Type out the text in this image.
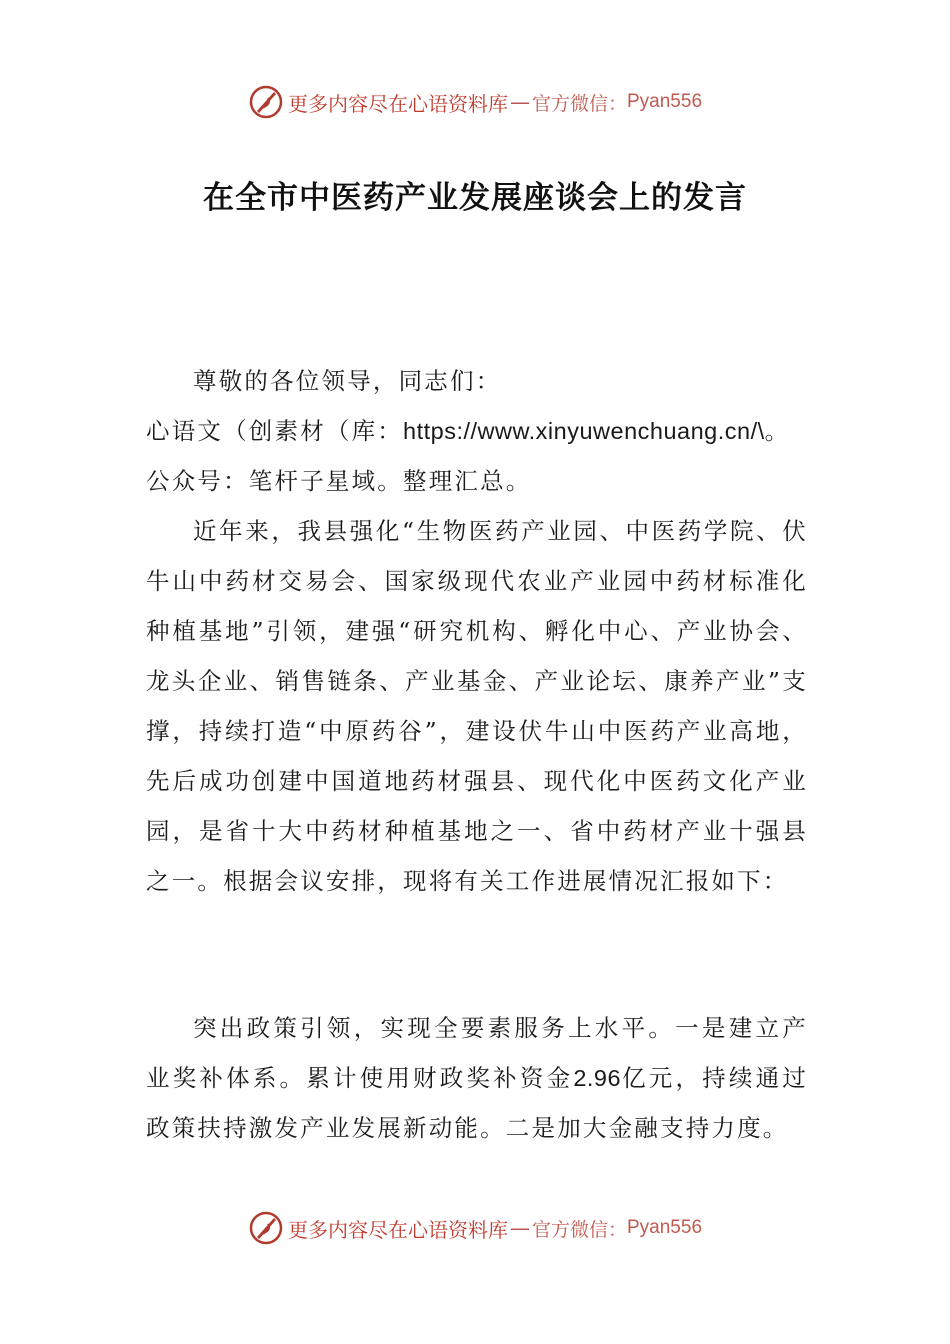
更多内容尽在心语资料库 — 官方微信： Pyan556
在全市中医药产业发展座谈会上的发言

尊敬的各位领导，同志们：

心语文（创素材（库：https://www.xinyuwenchuang.cn/\。

公众号：笔杆子星域。整理汇总。

近年来，我县强化“生物医药产业园、中医药学院、伏牛山中药材交易会、国家级现代农业产业园中药材标准化种植基地”引领，建强“研究机构、孵化中心、产业协会、龙头企业、销售链条、产业基金、产业论坛、康养产业”支撑，持续打造“中原药谷”，建设伏牛山中医药产业高地，先后成功创建中国道地药材强县、现代化中医药文化产业园，是省十大中药材种植基地之一、省中药材产业十强县之一。根据会议安排，现将有关工作进展情况汇报如下：

突出政策引领，实现全要素服务上水平。一是建立产业奖补体系。累计使用财政奖补资金2.96亿元，持续通过政策扶持激发产业发展新动能。二是加大金融支持力度。

更多内容尽在心语资料库 — 官方微信： Pyan556
